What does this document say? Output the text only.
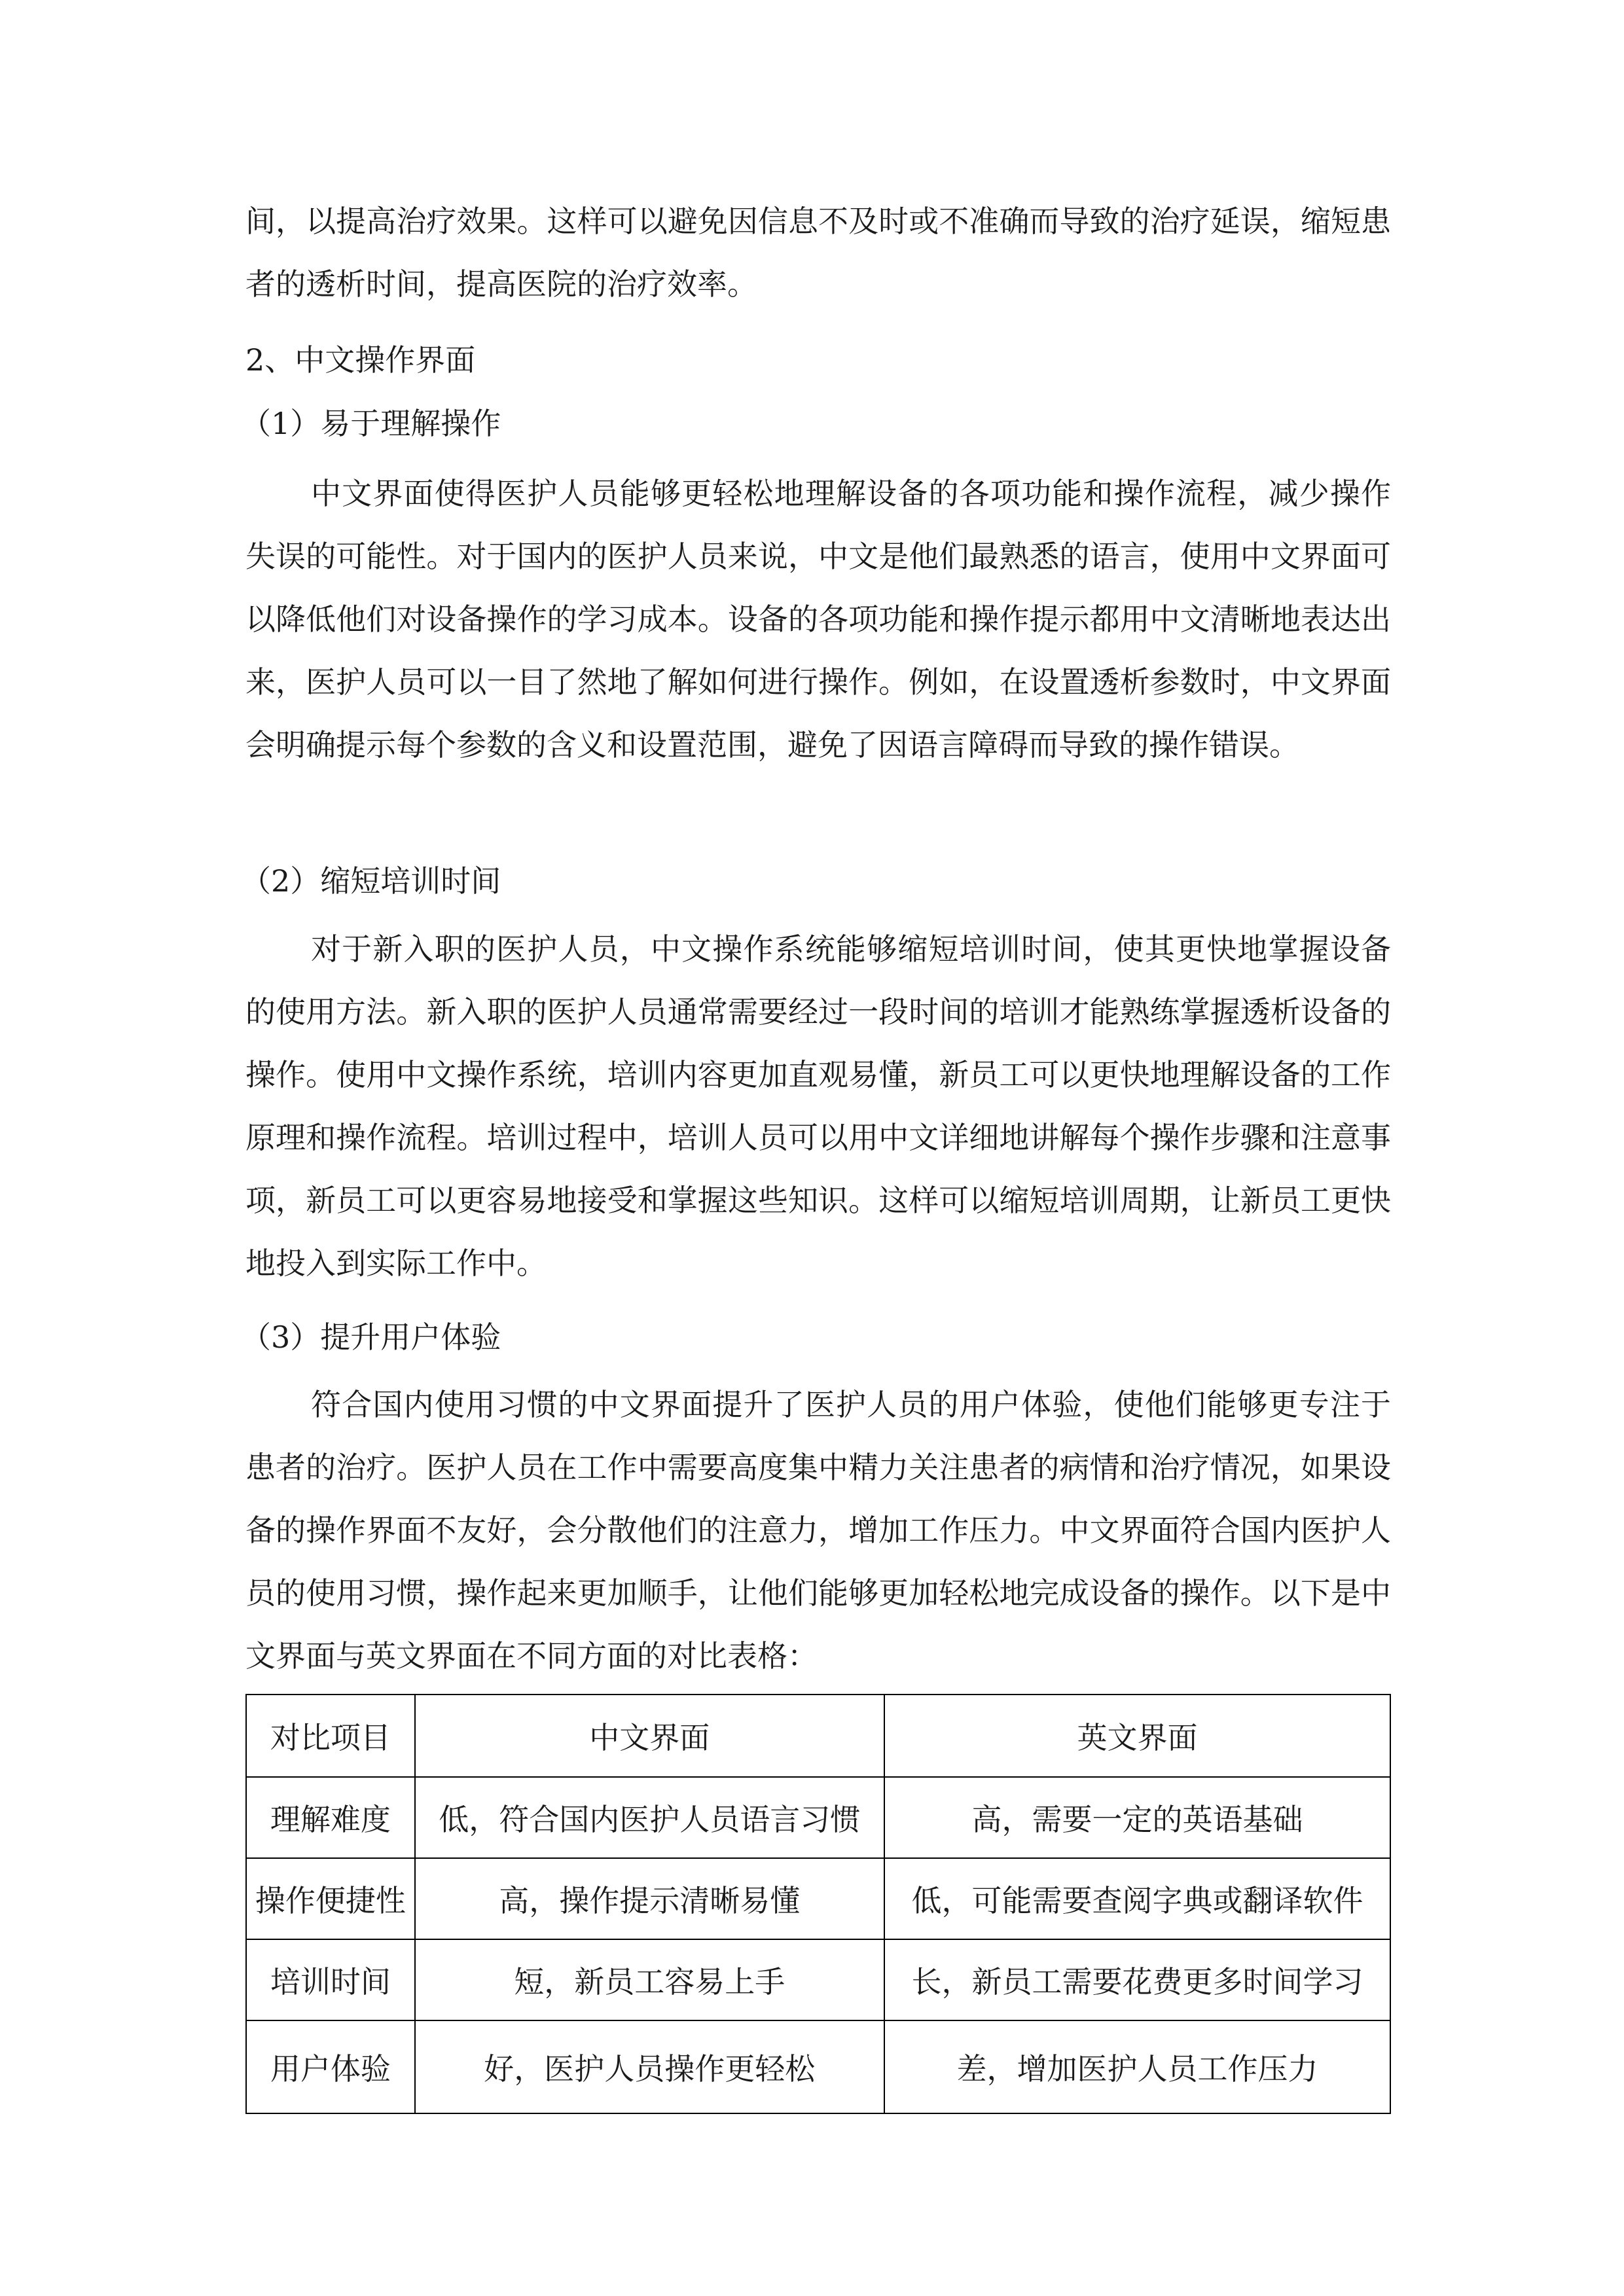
间，以提高治疗效果。这样可以避免因信息不及时或不准确而导致的治疗延误，缩短患者的透析时间，提高医院的治疗效率。

2、中文操作界面

（1）易于理解操作

中文界面使得医护人员能够更轻松地理解设备的各项功能和操作流程，减少操作失误的可能性。对于国内的医护人员来说，中文是他们最熟悉的语言，使用中文界面可以降低他们对设备操作的学习成本。设备的各项功能和操作提示都用中文清晰地表达出来，医护人员可以一目了然地了解如何进行操作。例如，在设置透析参数时，中文界面会明确提示每个参数的含义和设置范围，避免了因语言障碍而导致的操作错误。

（2）缩短培训时间

对于新入职的医护人员，中文操作系统能够缩短培训时间，使其更快地掌握设备的使用方法。新入职的医护人员通常需要经过一段时间的培训才能熟练掌握透析设备的操作。使用中文操作系统，培训内容更加直观易懂，新员工可以更快地理解设备的工作原理和操作流程。培训过程中，培训人员可以用中文详细地讲解每个操作步骤和注意事项，新员工可以更容易地接受和掌握这些知识。这样可以缩短培训周期，让新员工更快地投入到实际工作中。

（3）提升用户体验

符合国内使用习惯的中文界面提升了医护人员的用户体验，使他们能够更专注于患者的治疗。医护人员在工作中需要高度集中精力关注患者的病情和治疗情况，如果设备的操作界面不友好，会分散他们的注意力，增加工作压力。中文界面符合国内医护人员的使用习惯，操作起来更加顺手，让他们能够更加轻松地完成设备的操作。以下是中文界面与英文界面在不同方面的对比表格：

对比项目	中文界面	英文界面
理解难度	低，符合国内医护人员语言习惯	高，需要一定的英语基础
操作便捷性	高，操作提示清晰易懂	低，可能需要查阅字典或翻译软件
培训时间	短，新员工容易上手	长，新员工需要花费更多时间学习
用户体验	好，医护人员操作更轻松	差，增加医护人员工作压力
